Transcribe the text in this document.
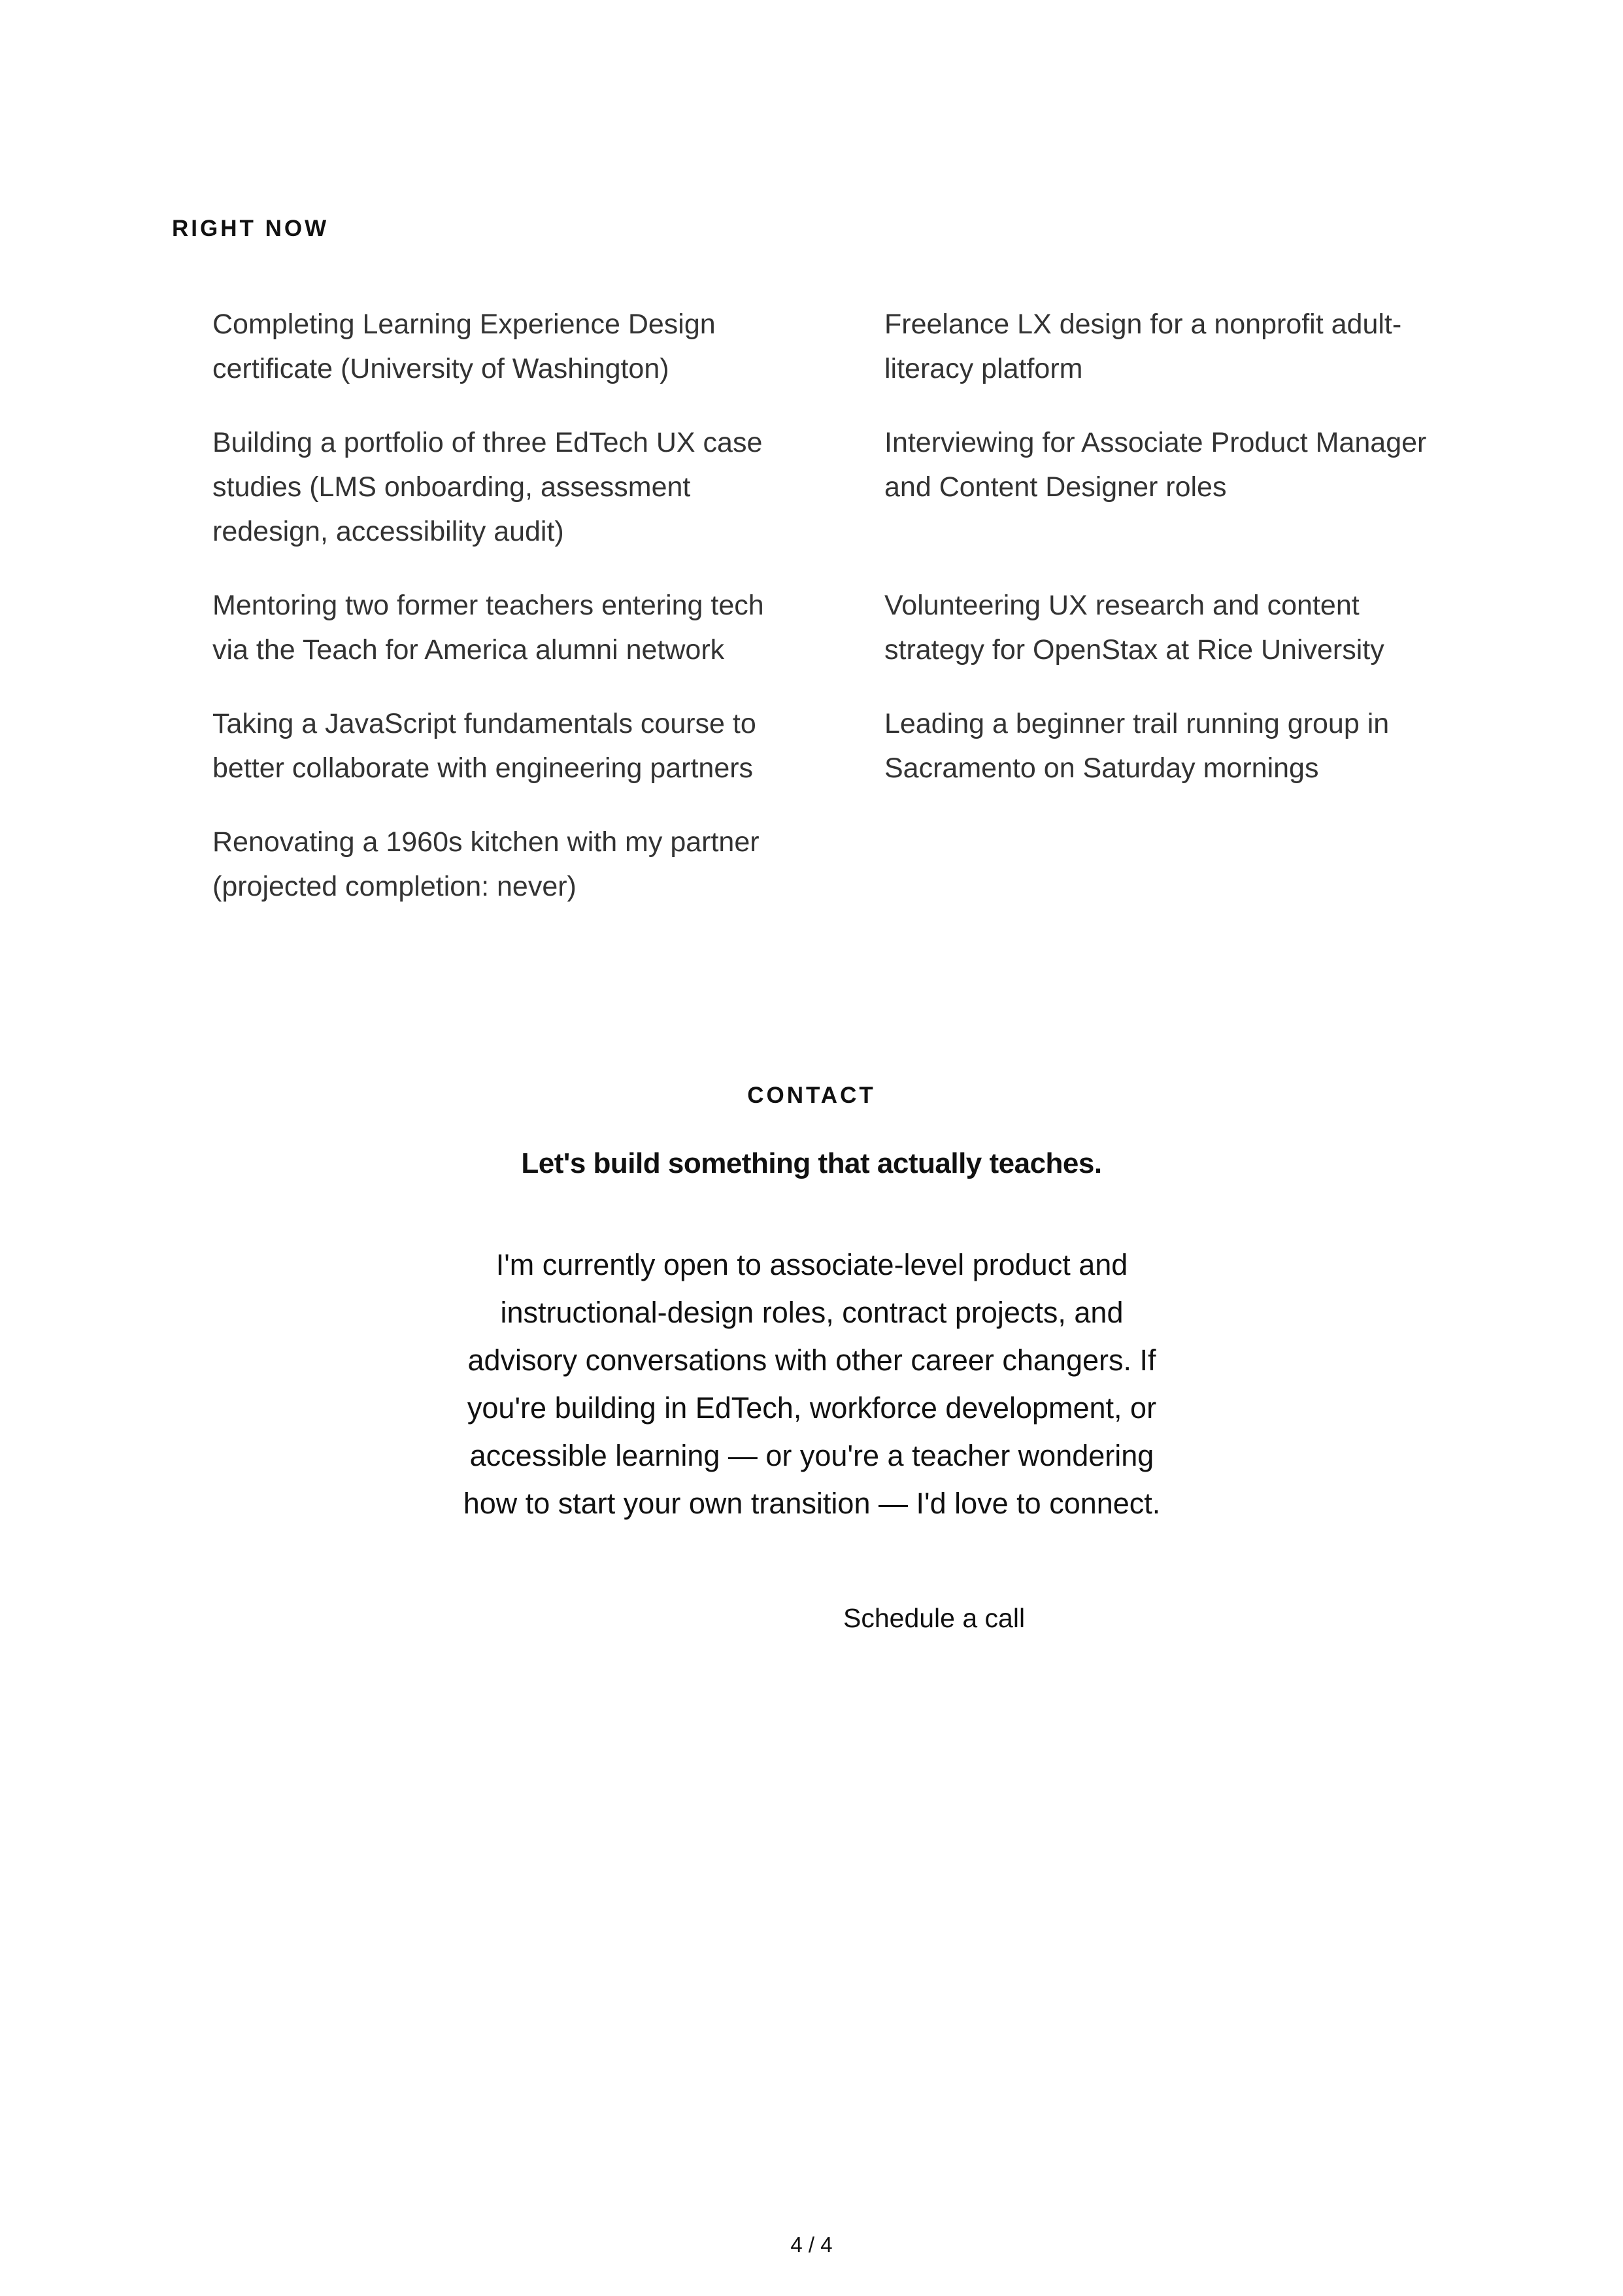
RIGHT NOW
Completing Learning Experience Design certificate (University of Washington)
Building a portfolio of three EdTech UX case studies (LMS onboarding, assessment redesign, accessibility audit)
Mentoring two former teachers entering tech via the Teach for America alumni network
Taking a JavaScript fundamentals course to better collaborate with engineering partners
Renovating a 1960s kitchen with my partner (projected completion: never)
Freelance LX design for a nonprofit adult-literacy platform
Interviewing for Associate Product Manager and Content Designer roles
Volunteering UX research and content strategy for OpenStax at Rice University
Leading a beginner trail running group in Sacramento on Saturday mornings
CONTACT
Let's build something that actually teaches.

I'm currently open to associate-level product and instructional-design roles, contract projects, and advisory conversations with other career changers. If you're building in EdTech, workforce development, or accessible learning — or you're a teacher wondering how to start your own transition — I'd love to connect.

Schedule a call
4 / 4
